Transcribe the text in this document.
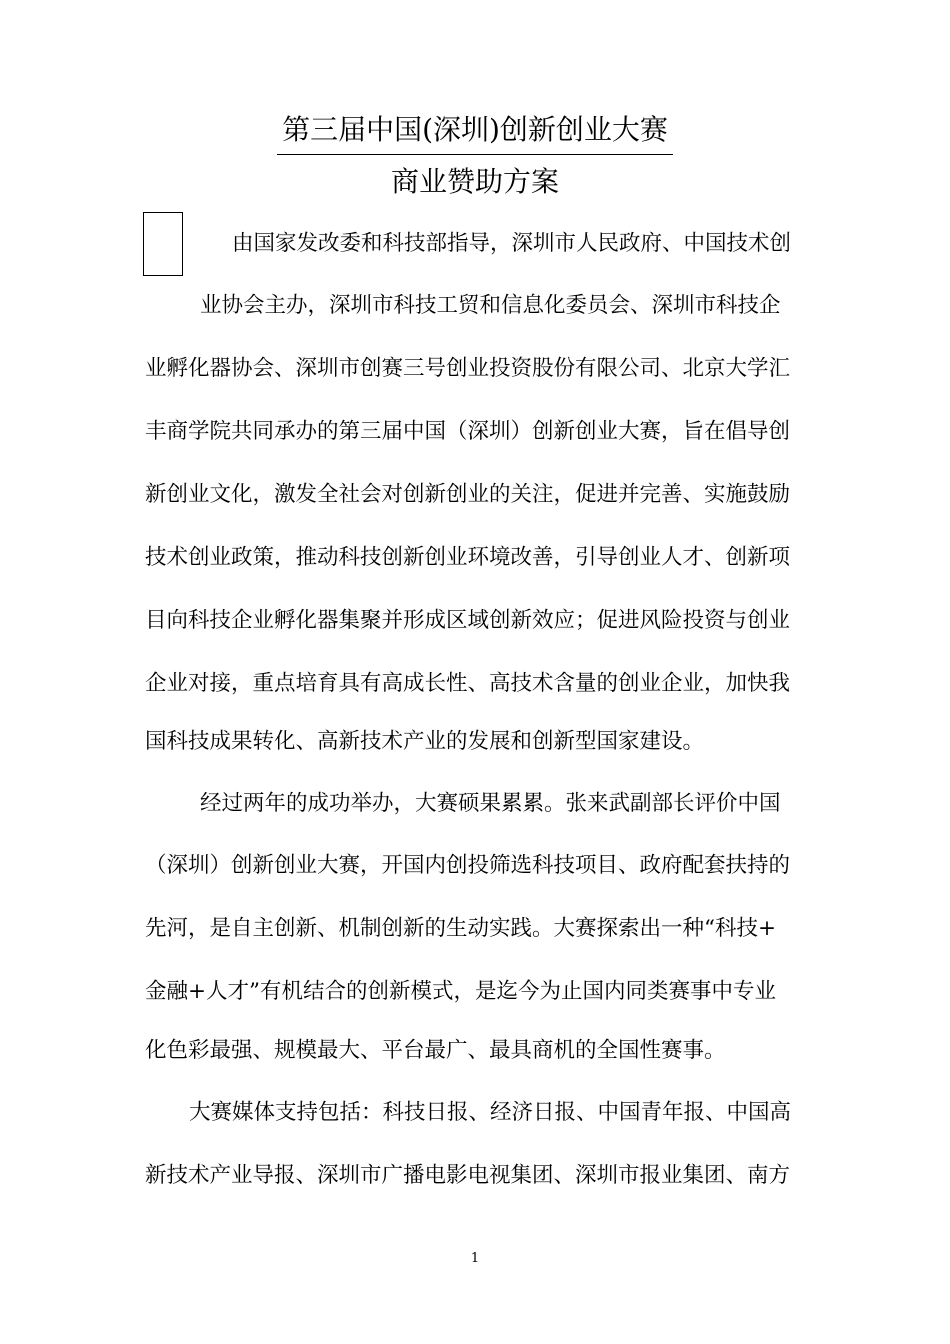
第三届中国(深圳)创新创业大赛
商业赞助方案
由国家发改委和科技部指导，深圳市人民政府、中国技术创
业协会主办，深圳市科技工贸和信息化委员会、深圳市科技企
业孵化器协会、深圳市创赛三号创业投资股份有限公司、北京大学汇
丰商学院共同承办的第三届中国（深圳）创新创业大赛，旨在倡导创
新创业文化，激发全社会对创新创业的关注，促进并完善、实施鼓励
技术创业政策，推动科技创新创业环境改善，引导创业人才、创新项
目向科技企业孵化器集聚并形成区域创新效应；促进风险投资与创业
企业对接，重点培育具有高成长性、高技术含量的创业企业，加快我
国科技成果转化、高新技术产业的发展和创新型国家建设。
经过两年的成功举办，大赛硕果累累。张来武副部长评价中国
（深圳）创新创业大赛，开国内创投筛选科技项目、政府配套扶持的
先河，是自主创新、机制创新的生动实践。大赛探索出一种“科技+
金融+人才”有机结合的创新模式，是迄今为止国内同类赛事中专业
化色彩最强、规模最大、平台最广、最具商机的全国性赛事。
大赛媒体支持包括：科技日报、经济日报、中国青年报、中国高
新技术产业导报、深圳市广播电影电视集团、深圳市报业集团、南方
1
